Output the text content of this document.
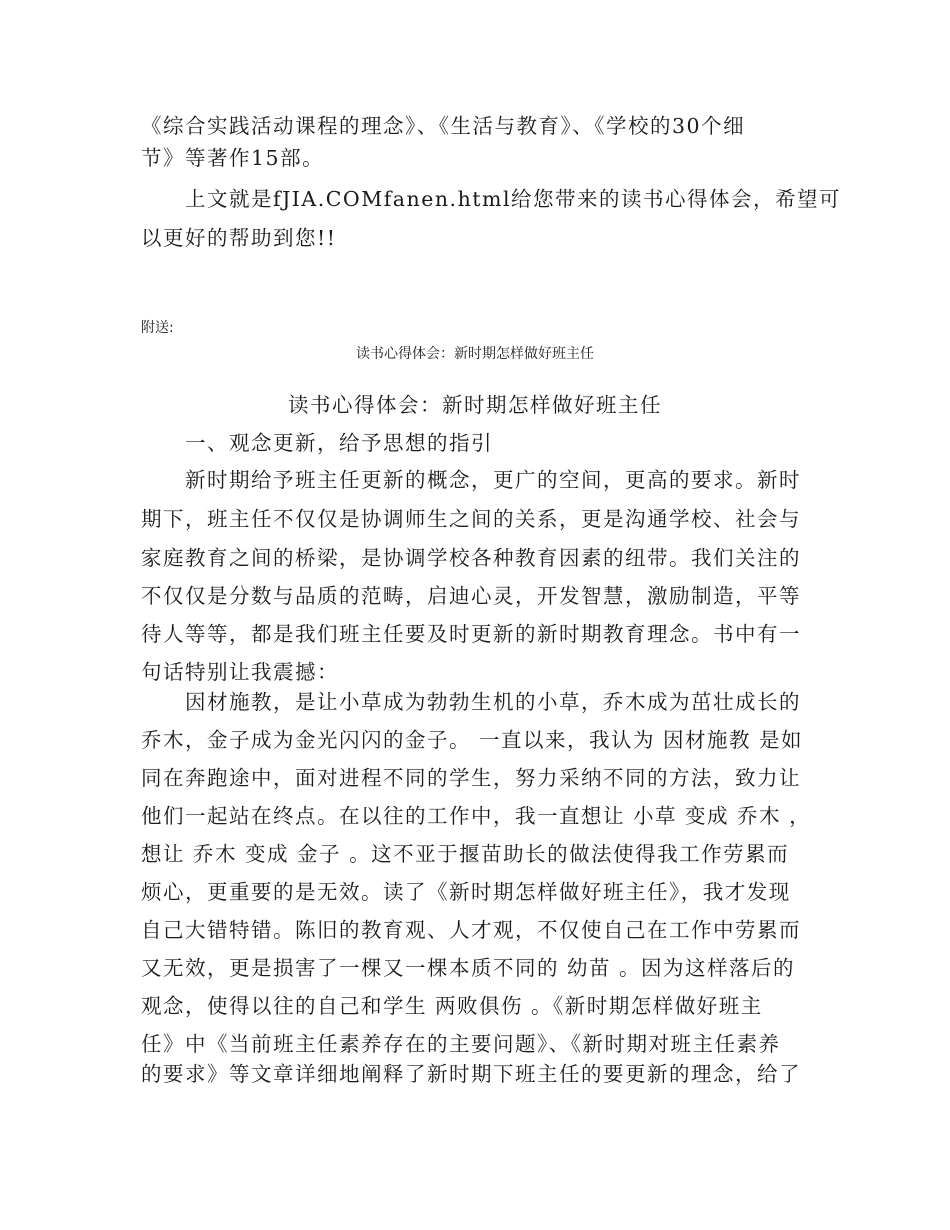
《综合实践活动课程的理念》、《生活与教育》、《学校的30个细
节》等著作15部。
　　上文就是fJIA.COMfanen.html给您带来的读书心得体会，希望可
以更好的帮助到您!!
附送:
读书心得体会：新时期怎样做好班主任
读书心得体会：新时期怎样做好班主任
　　一、观念更新，给予思想的指引
　　新时期给予班主任更新的概念，更广的空间，更高的要求。新时
期下，班主任不仅仅是协调师生之间的关系，更是沟通学校、社会与
家庭教育之间的桥梁，是协调学校各种教育因素的纽带。我们关注的
不仅仅是分数与品质的范畴，启迪心灵，开发智慧，激励制造，平等
待人等等，都是我们班主任要及时更新的新时期教育理念。书中有一
句话特别让我震撼：
　　因材施教，是让小草成为勃勃生机的小草，乔木成为茁壮成长的
乔木，金子成为金光闪闪的金子。 一直以来，我认为 因材施教 是如
同在奔跑途中，面对进程不同的学生，努力采纳不同的方法，致力让
他们一起站在终点。在以往的工作中，我一直想让 小草 变成 乔木 ，
想让 乔木 变成 金子 。这不亚于揠苗助长的做法使得我工作劳累而
烦心，更重要的是无效。读了《新时期怎样做好班主任》，我才发现
自己大错特错。陈旧的教育观、人才观，不仅使自己在工作中劳累而
又无效，更是损害了一棵又一棵本质不同的 幼苗 。因为这样落后的
观念，使得以往的自己和学生 两败俱伤 。《新时期怎样做好班主
任》中《当前班主任素养存在的主要问题》、《新时期对班主任素养
的要求》等文章详细地阐释了新时期下班主任的要更新的理念，给了
